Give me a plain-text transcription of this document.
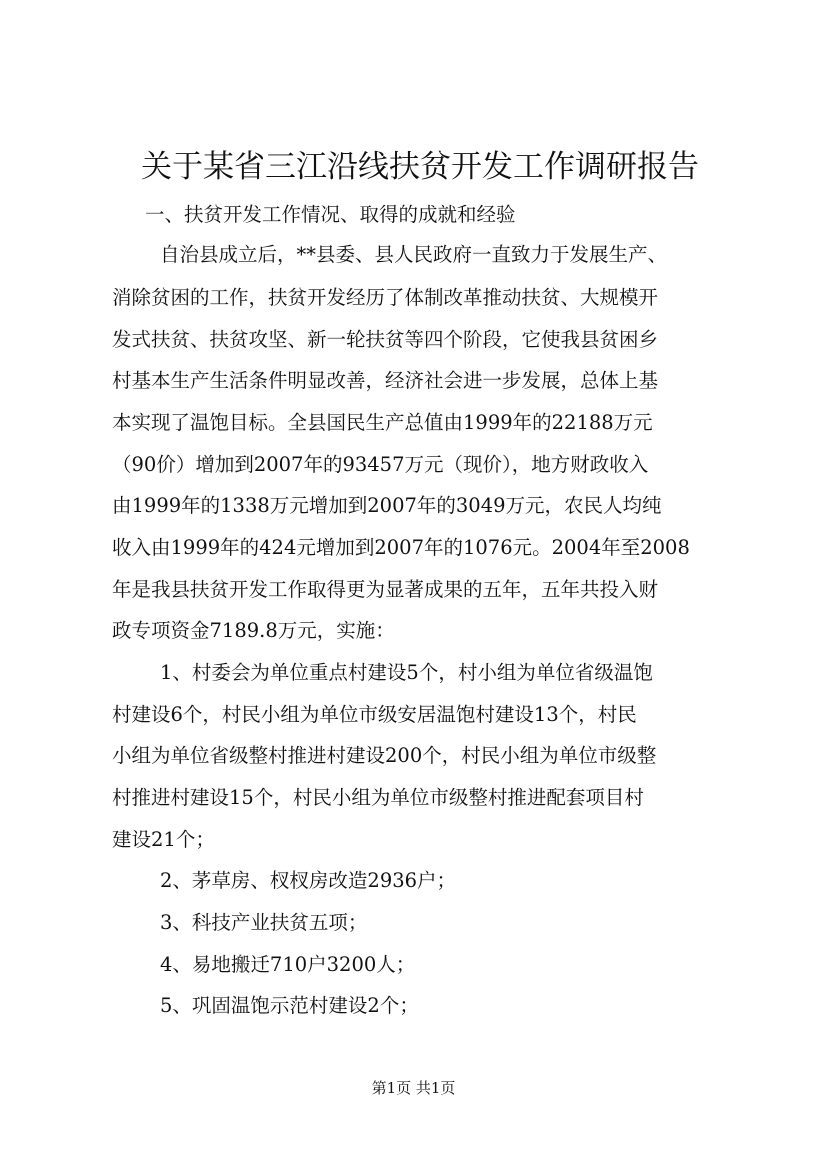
关于某省三江沿线扶贫开发工作调研报告
一、扶贫开发工作情况、取得的成就和经验
自治县成立后，**县委、县人民政府一直致力于发展生产、
消除贫困的工作，扶贫开发经历了体制改革推动扶贫、大规模开
发式扶贫、扶贫攻坚、新一轮扶贫等四个阶段，它使我县贫困乡
村基本生产生活条件明显改善，经济社会进一步发展，总体上基
本实现了温饱目标。全县国民生产总值由1999年的22188万元
（90价）增加到2007年的93457万元（现价），地方财政收入
由1999年的1338万元增加到2007年的3049万元，农民人均纯
收入由1999年的424元增加到2007年的1076元。2004年至2008
年是我县扶贫开发工作取得更为显著成果的五年，五年共投入财
政专项资金7189.8万元，实施：
1、村委会为单位重点村建设5个，村小组为单位省级温饱
村建设6个，村民小组为单位市级安居温饱村建设13个，村民
小组为单位省级整村推进村建设200个，村民小组为单位市级整
村推进村建设15个，村民小组为单位市级整村推进配套项目村
建设21个；
2、茅草房、杈杈房改造2936户；
3、科技产业扶贫五项；
4、易地搬迁710户3200人；
5、巩固温饱示范村建设2个；
第1页 共1页
